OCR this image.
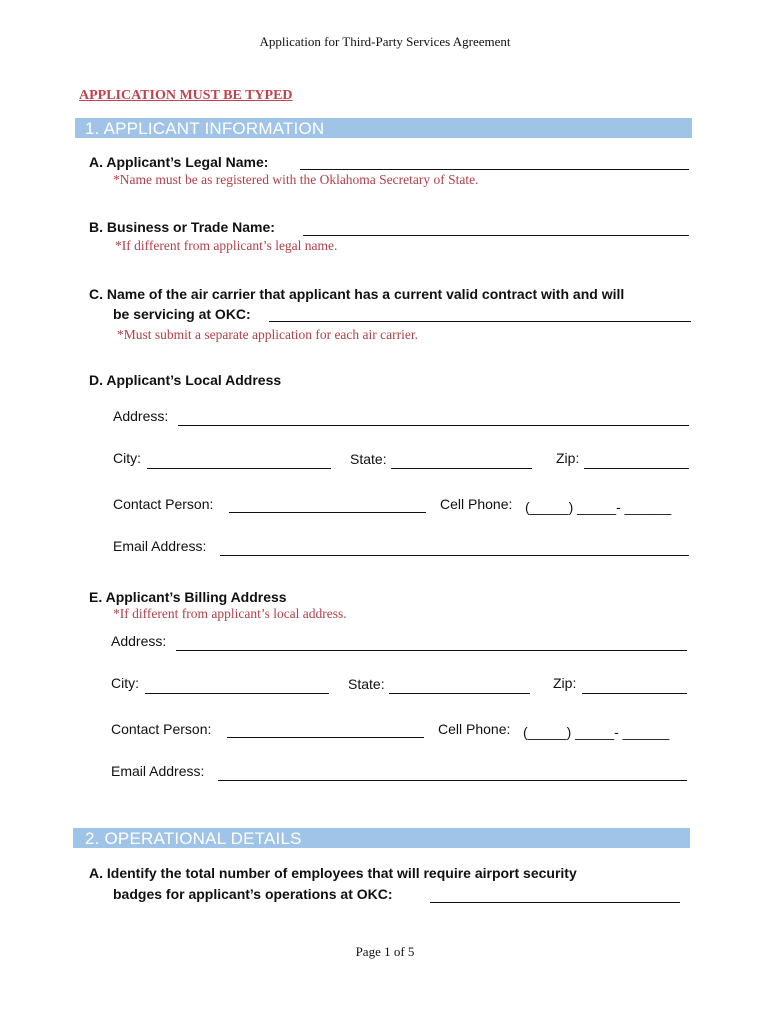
Application for Third-Party Services Agreement
APPLICATION MUST BE TYPED
1. APPLICANT INFORMATION
A. Applicant’s Legal Name:
*Name must be as registered with the Oklahoma Secretary of State.
B. Business or Trade Name:
*If different from applicant’s legal name.
C. Name of the air carrier that applicant has a current valid contract with and will
be servicing at OKC:
*Must submit a separate application for each air carrier.
D. Applicant’s Local Address
Address:
City:	State:	Zip:
Contact Person:	Cell Phone: (_____) _____- ______
Email Address:
E. Applicant’s Billing Address
*If different from applicant’s local address.
Address:
City:	State:	Zip:
Contact Person:	Cell Phone: (_____) _____- ______
Email Address:
2. OPERATIONAL DETAILS
A. Identify the total number of employees that will require airport security
badges for applicant’s operations at OKC:
Page 1 of 5
